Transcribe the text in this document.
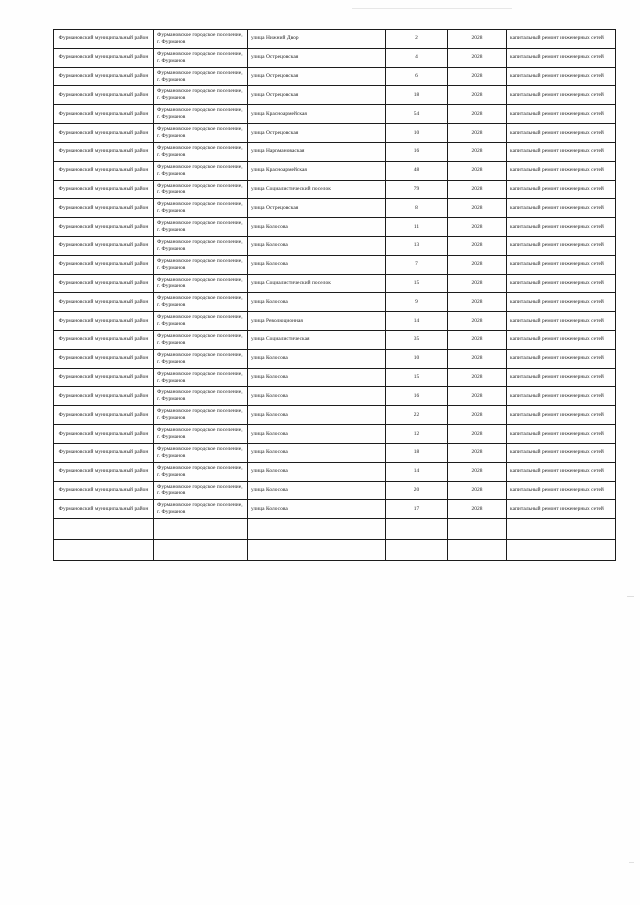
Фурмановский муниципальный район	Фурмановское городское поселение, г. Фурманов	улица Нижний Двор	2	2028	капитальный ремонт инженерных сетей
Фурмановский муниципальный район	Фурмановское городское поселение, г. Фурманов	улица Острецовская	4	2028	капитальный ремонт инженерных сетей
Фурмановский муниципальный район	Фурмановское городское поселение, г. Фурманов	улица Острецовская	6	2028	капитальный ремонт инженерных сетей
Фурмановский муниципальный район	Фурмановское городское поселение, г. Фурманов	улица Острецовская	18	2028	капитальный ремонт инженерных сетей
Фурмановский муниципальный район	Фурмановское городское поселение, г. Фурманов	улица Красноармейская	54	2028	капитальный ремонт инженерных сетей
Фурмановский муниципальный район	Фурмановское городское поселение, г. Фурманов	улица Острецовская	10	2028	капитальный ремонт инженерных сетей
Фурмановский муниципальный район	Фурмановское городское поселение, г. Фурманов	улица Нарnмановаская	16	2028	капитальный ремонт инженерных сетей
Фурмановский муниципальный район	Фурмановское городское поселение, г. Фурманов	улица Красноармейская	48	2028	капитальный ремонт инженерных сетей
Фурмановский муниципальный район	Фурмановское городское поселение, г. Фурманов	улица Социалистический поселок	79	2028	капитальный ремонт инженерных сетей
Фурмановский муниципальный район	Фурмановское городское поселение, г. Фурманов	улица Острецовская	8	2028	капитальный ремонт инженерных сетей
Фурмановский муниципальный район	Фурмановское городское поселение, г. Фурманов	улица Колосова	11	2028	капитальный ремонт инженерных сетей
Фурмановский муниципальный район	Фурмановское городское поселение, г. Фурманов	улица Колосова	13	2028	капитальный ремонт инженерных сетей
Фурмановский муниципальный район	Фурмановское городское поселение, г. Фурманов	улица Колосова	7	2028	капитальный ремонт инженерных сетей
Фурмановский муниципальный район	Фурмановское городское поселение, г. Фурманов	улица Социалистический поселок	15	2028	капитальный ремонт инженерных сетей
Фурмановский муниципальный район	Фурмановское городское поселение, г. Фурманов	улица Колосова	9	2028	капитальный ремонт инженерных сетей
Фурмановский муниципальный район	Фурмановское городское поселение, г. Фурманов	улица Революционная	14	2028	капитальный ремонт инженерных сетей
Фурмановский муниципальный район	Фурмановское городское поселение, г. Фурманов	улица Социалистическая	35	2028	капитальный ремонт инженерных сетей
Фурмановский муниципальный район	Фурмановское городское поселение, г. Фурманов	улица Колосова	10	2028	капитальный ремонт инженерных сетей
Фурмановский муниципальный район	Фурмановское городское поселение, г. Фурманов	улица Колосова	15	2028	капитальный ремонт инженерных сетей
Фурмановский муниципальный район	Фурмановское городское поселение, г. Фурманов	улица Колосова	16	2028	капитальный ремонт инженерных сетей
Фурмановский муниципальный район	Фурмановское городское поселение, г. Фурманов	улица Колосова	22	2028	капитальный ремонт инженерных сетей
Фурмановский муниципальный район	Фурмановское городское поселение, г. Фурманов	улица Колосова	12	2028	капитальный ремонт инженерных сетей
Фурмановский муниципальный район	Фурмановское городское поселение, г. Фурманов	улица Колосова	18	2028	капитальный ремонт инженерных сетей
Фурмановский муниципальный район	Фурмановское городское поселение, г. Фурманов	улица Колосова	14	2028	капитальный ремонт инженерных сетей
Фурмановский муниципальный район	Фурмановское городское поселение, г. Фурманов	улица Колосова	20	2028	капитальный ремонт инженерных сетей
Фурмановский муниципальный район	Фурмановское городское поселение, г. Фурманов	улица Колосова	17	2028	капитальный ремонт инженерных сетей
